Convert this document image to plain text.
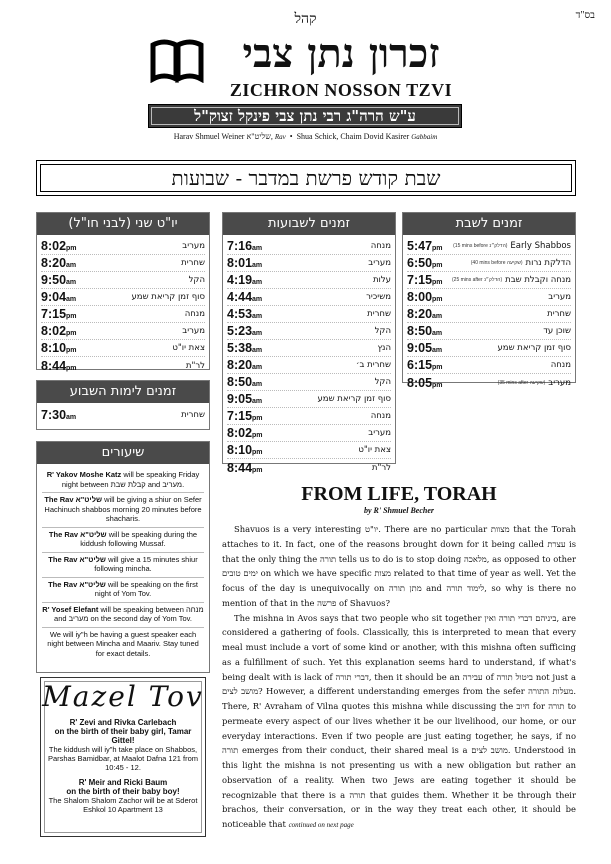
בס"ד
קהל
זכרון נתן צבי
ZICHRON NOSSON TZVI
ע"ש הרה"ג רבי נתן צבי פינקל זצוק"ל
Harav Shmuel Weiner שליט"א, Rav  •  Shua Schick, Chaim Dovid Kasirer Gabbaim
שבת קודש פרשת במדבר - שבועות
זמנים לשבת
5:47pm	Early Shabbos
(15 mins before הדלק״נ)
6:50pm	הדלקת נרות
(40 mins before שקיעה)
7:15pm	מנחה וקבלת שבת
(25 mins after הדלק״נ)
8:00pm	מעריב
8:20am	שחרית
8:50am	שוכן עד
9:05am	סוף זמן קריאת שמע
6:15pm	מנחה
8:05pm	מעריב
(35 mins after שקיעה)
זמנים לשבועות
7:16am	מנחה
8:01am	מעריב
4:19am	עלות
4:44am	משיכיר
4:53am	שחרית
5:23am	הקל
5:38am	הנץ
8:20am	שחרית ב׳
8:50am	הקל
9:05am	סוף זמן קריאת שמע
7:15pm	מנחה
8:02pm	מעריב
8:10pm	צאת יו"ט
8:44pm	לר"ת
יו"ט שני (לבני חו"ל)
8:02pm	מעריב
8:20am	שחרית
9:50am	הקל
9:04am	סוף זמן קריאת שמע
7:15pm	מנחה
8:02pm	מעריב
8:10pm	צאת יו"ט
8:44pm	לר"ת
זמנים לימות השבוע
7:30am	שחרית
שיעורים
R' Yakov Moshe Katz will be speaking Friday night between קבלת שבת and מעריב.
The Rav שליט"א will be giving a shiur on Sefer Hachinuch shabbos morning 20 minutes before shacharis.
The Rav שליט"א will be speaking during the kiddush following Mussaf.
The Rav שליט"א will give a 15 minutes shiur following mincha.
The Rav שליט"א will be speaking on the first night of Yom Tov.
R' Yosef Elefant will be speaking between מנחה and מעריב on the second day of Yom Tov.
We will iy"h be having a guest speaker each night between Mincha and Maariv. Stay tuned for exact details.
Mazel Tov
R' Zevi and Rivka Carlebach
on the birth of their baby girl, Tamar Gittel!
The kiddush will iy"h take place on Shabbos, Parshas Bamidbar, at Maalot Dafna 121 from 10:45 - 12.
R' Meir and Ricki Baum
on the birth of their baby boy!
The Shalom Shalom Zachor will be at Sderot Eshkol 10 Apartment 13
FROM LIFE, TORAH
by R' Shmuel Becher

Shavuos is a very interesting יו"ט. There are no particular מצוות that the Torah attaches to it. In fact, one of the reasons brought down for it being called עצרת is that the only thing the תורה tells us to do is to stop doing מלאכה, as opposed to other ימים טובים on which we have specific מצות related to that time of year as well. Yet the focus of the day is unequivocally on מתן תורה and לימוד תורה, so why is there no mention of that in the פרשה of Shavuos?

The mishna in Avos says that two people who sit together ביניהם דברי תורה ואין, are considered a gathering of fools. Classically, this is interpreted to mean that every meal must include a vort of some kind or another, with this mishna often sufficing as a fulfillment of such. Yet this explanation seems hard to understand, if what's being dealt with is lack of דברי תורה, then it should be an עבירה of ביטול תורה not just a מושב לצים? However, a different understanding emerges from the sefer מעלות התורה. There, R' Avraham of Vilna quotes this mishna while discussing the חיוב for תורה to permeate every aspect of our lives whether it be our livelihood, our home, or our everyday interactions. Even if two people are just eating together, he says, if no תורה emerges from their conduct, their shared meal is a מושב לצים. Understood in this light the mishna is not presenting us with a new obligation but rather an observation of a reality. When two Jews are eating together it should be recognizable that there is a תורה that guides them. Whether it be through their brachos, their conversation, or in the way they treat each other, it should be noticeable that continued on next page
